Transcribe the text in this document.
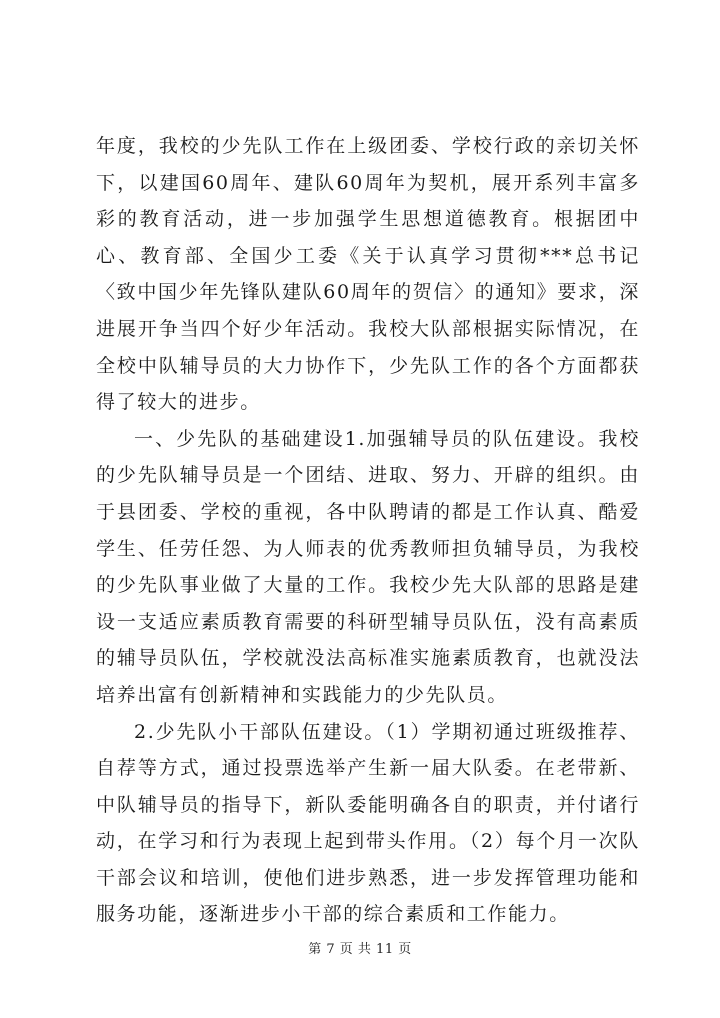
年度，我校的少先队工作在上级团委、学校行政的亲切关怀下，以建国60周年、建队60周年为契机，展开系列丰富多彩的教育活动，进一步加强学生思想道德教育。根据团中心、教育部、全国少工委《关于认真学习贯彻***总书记〈致中国少年先锋队建队60周年的贺信〉的通知》要求，深进展开争当四个好少年活动。我校大队部根据实际情况，在全校中队辅导员的大力协作下，少先队工作的各个方面都获得了较大的进步。

一、少先队的基础建设1.加强辅导员的队伍建设。我校的少先队辅导员是一个团结、进取、努力、开辟的组织。由于县团委、学校的重视，各中队聘请的都是工作认真、酷爱学生、任劳任怨、为人师表的优秀教师担负辅导员，为我校的少先队事业做了大量的工作。我校少先大队部的思路是建设一支适应素质教育需要的科研型辅导员队伍，没有高素质的辅导员队伍，学校就没法高标准实施素质教育，也就没法培养出富有创新精神和实践能力的少先队员。

2.少先队小干部队伍建设。（1）学期初通过班级推荐、自荐等方式，通过投票选举产生新一届大队委。在老带新、中队辅导员的指导下，新队委能明确各自的职责，并付诸行动，在学习和行为表现上起到带头作用。（2）每个月一次队干部会议和培训，使他们进步熟悉，进一步发挥管理功能和服务功能，逐渐进步小干部的综合素质和工作能力。

第 7 页 共 11 页
